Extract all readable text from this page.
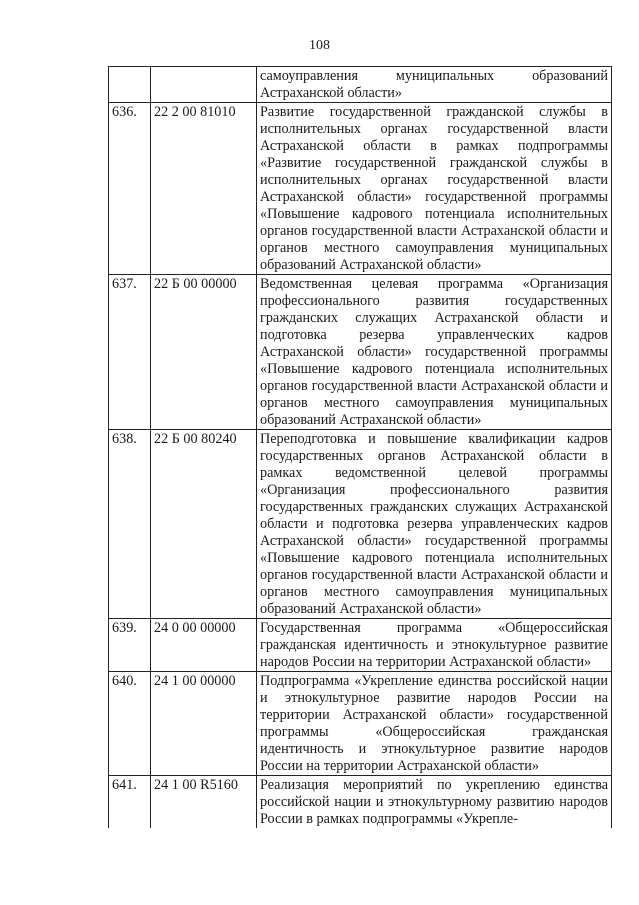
108
		самоуправления муниципальных образований Астраханской области»
636.	22 2 00 81010	Развитие государственной гражданской службы в исполнительных органах государственной власти Астраханской области в рамках подпрограммы «Развитие государственной гражданской службы в исполнительных органах государственной власти Астраханской области» государственной программы «Повышение кадрового потенциала исполнительных органов государственной власти Астраханской области и органов местного самоуправления муниципальных образований Астраханской области»
637.	22 Б 00 00000	Ведомственная целевая программа «Организация профессионального развития государственных гражданских служащих Астраханской области и подготовка резерва управленческих кадров Астраханской области» государственной программы «Повышение кадрового потенциала исполнительных органов государственной власти Астраханской области и органов местного самоуправления муниципальных образований Астраханской области»
638.	22 Б 00 80240	Переподготовка и повышение квалификации кадров государственных органов Астраханской области в рамках ведомственной целевой программы «Организация профессионального развития государственных гражданских служащих Астраханской области и подготовка резерва управленческих кадров Астраханской области» государственной программы «Повышение кадрового потенциала исполнительных органов государственной власти Астраханской области и органов местного самоуправления муниципальных образований Астраханской области»
639.	24 0 00 00000	Государственная программа «Общероссийская гражданская идентичность и этнокультурное развитие народов России на территории Астраханской области»
640.	24 1 00 00000	Подпрограмма «Укрепление единства российской нации и этнокультурное развитие народов России на территории Астраханской области» государственной программы «Общероссийская гражданская идентичность и этнокультурное развитие народов России на территории Астраханской области»
641.	24 1 00 R5160	Реализация мероприятий по укреплению единства российской нации и этнокультурному развитию народов России в рамках подпрограммы «Укрепле-
